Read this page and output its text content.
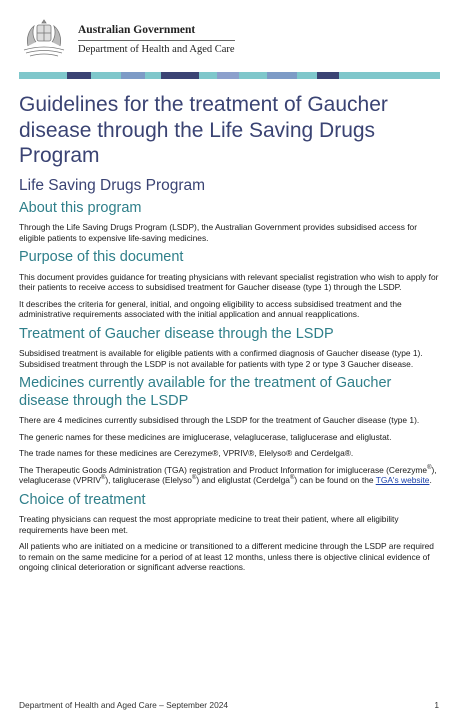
Australian Government
Department of Health and Aged Care
Guidelines for the treatment of Gaucher disease through the Life Saving Drugs Program
Life Saving Drugs Program
About this program

Through the Life Saving Drugs Program (LSDP), the Australian Government provides subsidised access for eligible patients to expensive life-saving medicines.

Purpose of this document

This document provides guidance for treating physicians with relevant specialist registration who wish to apply for their patients to receive access to subsidised treatment for Gaucher disease (type 1) through the LSDP.

It describes the criteria for general, initial, and ongoing eligibility to access subsidised treatment and the administrative requirements associated with the initial application and annual reapplications.

Treatment of Gaucher disease through the LSDP

Subsidised treatment is available for eligible patients with a confirmed diagnosis of Gaucher disease (type 1). Subsidised treatment through the LSDP is not available for patients with type 2 or type 3 Gaucher disease.

Medicines currently available for the treatment of Gaucher disease through the LSDP

There are 4 medicines currently subsidised through the LSDP for the treatment of Gaucher disease (type 1).

The generic names for these medicines are imiglucerase, velaglucerase, taliglucerase and eliglustat.

The trade names for these medicines are Cerezyme®, VPRIV®, Elelyso® and Cerdelga®.

The Therapeutic Goods Administration (TGA) registration and Product Information for imiglucerase (Cerezyme®), velaglucerase (VPRIV®), taliglucerase (Elelyso®) and eliglustat (Cerdelga®) can be found on the TGA's website.

Choice of treatment

Treating physicians can request the most appropriate medicine to treat their patient, where all eligibility requirements have been met.

All patients who are initiated on a medicine or transitioned to a different medicine through the LSDP are required to remain on the same medicine for a period of at least 12 months, unless there is objective clinical evidence of ongoing clinical deterioration or significant adverse reactions.

Department of Health and Aged Care – September 2024	1
